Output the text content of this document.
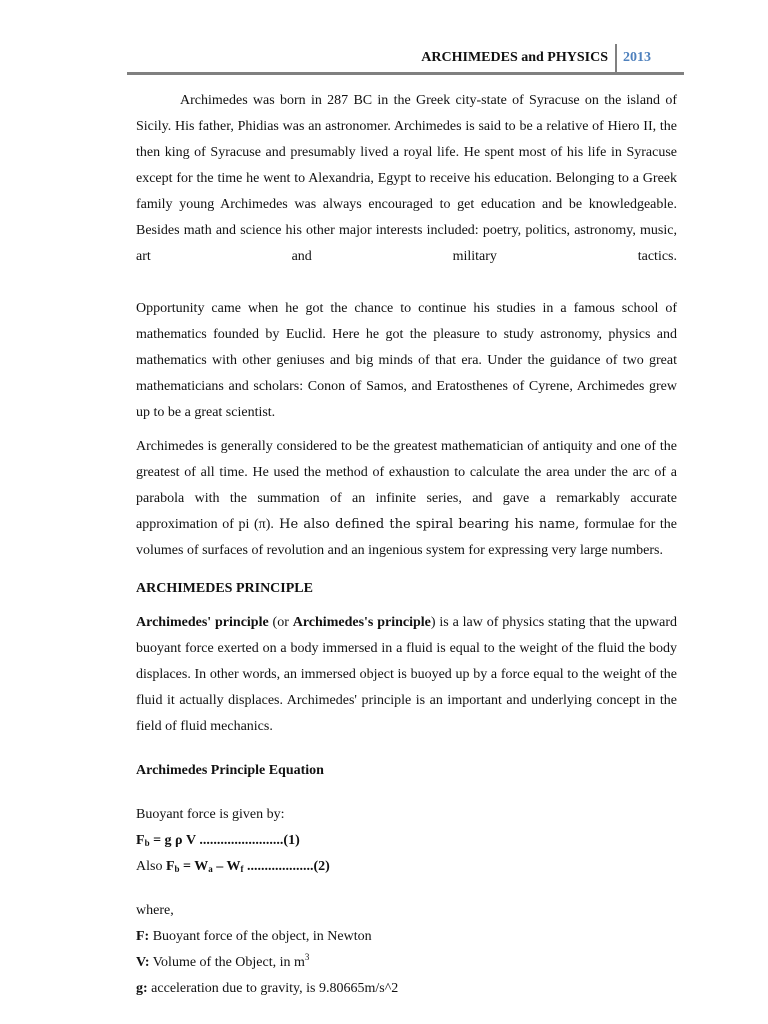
ARCHIMEDES and PHYSICS 2013

Archimedes was born in 287 BC in the Greek city-state of Syracuse on the island of Sicily. His father, Phidias was an astronomer. Archimedes is said to be a relative of Hiero II, the then king of Syracuse and presumably lived a royal life. He spent most of his life in Syracuse except for the time he went to Alexandria, Egypt to receive his education. Belonging to a Greek family young Archimedes was always encouraged to get education and be knowledgeable. Besides math and science his other major interests included: poetry, politics, astronomy, music, art and military tactics.

Opportunity came when he got the chance to continue his studies in a famous school of mathematics founded by Euclid. Here he got the pleasure to study astronomy, physics and mathematics with other geniuses and big minds of that era. Under the guidance of two great mathematicians and scholars: Conon of Samos, and Eratosthenes of Cyrene, Archimedes grew up to be a great scientist.

Archimedes is generally considered to be the greatest mathematician of antiquity and one of the greatest of all time. He used the method of exhaustion to calculate the area under the arc of a parabola with the summation of an infinite series, and gave a remarkably accurate approximation of pi (π). He also defined the spiral bearing his name, formulae for the volumes of surfaces of revolution and an ingenious system for expressing very large numbers.

ARCHIMEDES PRINCIPLE

Archimedes' principle (or Archimedes's principle) is a law of physics stating that the upward buoyant force exerted on a body immersed in a fluid is equal to the weight of the fluid the body displaces. In other words, an immersed object is buoyed up by a force equal to the weight of the fluid it actually displaces. Archimedes' principle is an important and underlying concept in the field of fluid mechanics.

Archimedes Principle Equation

Buoyant force is given by:

$F_b = g$ ρ V ........................(1)

Also $F_b = W_a - W_f$ ...................(2)

where,

F: Buoyant force of the object, in Newton

V: Volume of the Object, in $m^3$

g: acceleration due to gravity, is 9.80665m/s^2
